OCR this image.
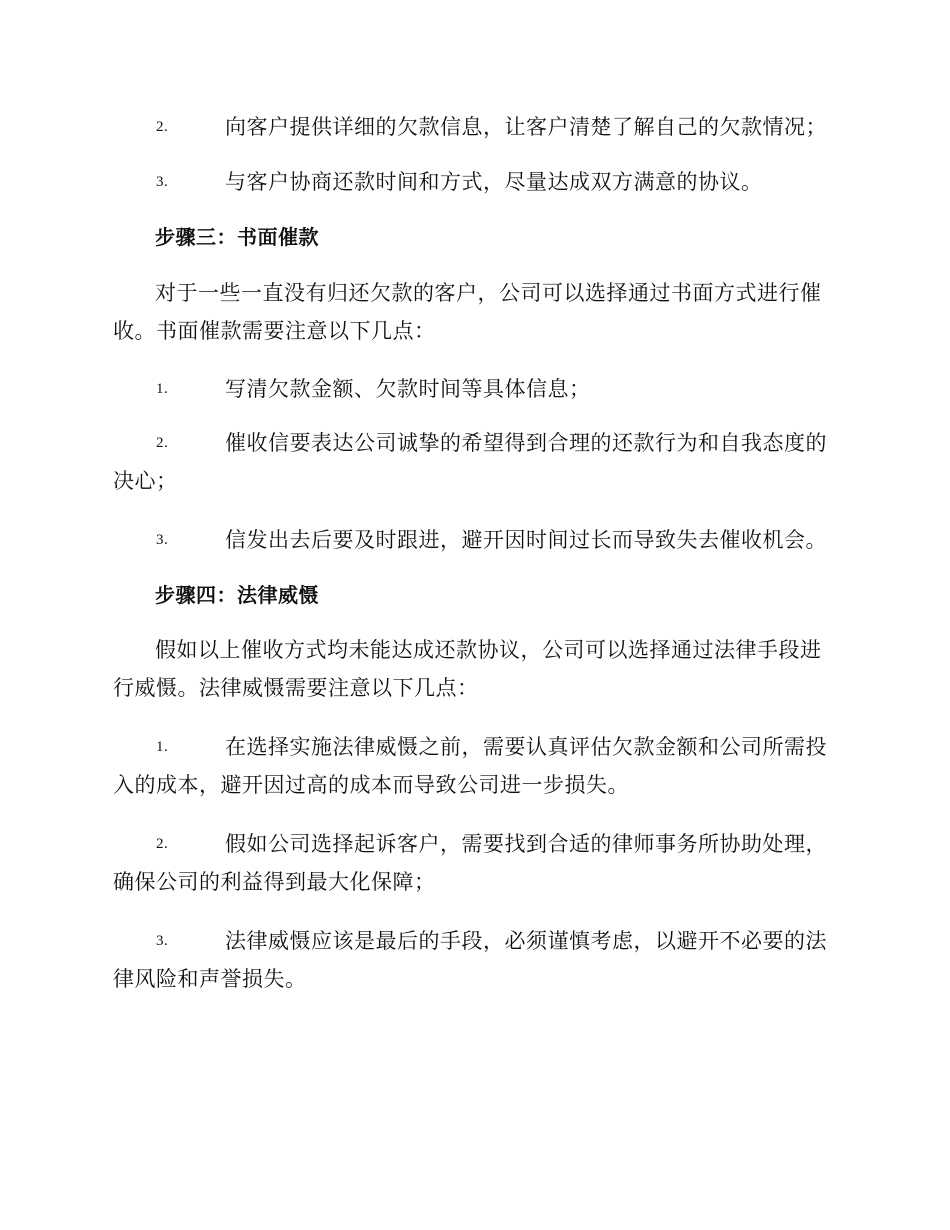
2.	向客户提供详细的欠款信息，让客户清楚了解自己的欠款情况；
3.	与客户协商还款时间和方式，尽量达成双方满意的协议。
步骤三：书面催款
对于一些一直没有归还欠款的客户，公司可以选择通过书面方式进行催收。书面催款需要注意以下几点：
1.	写清欠款金额、欠款时间等具体信息；
2.	催收信要表达公司诚挚的希望得到合理的还款行为和自我态度的决心；
3.	信发出去后要及时跟进，避开因时间过长而导致失去催收机会。
步骤四：法律威慑
假如以上催收方式均未能达成还款协议，公司可以选择通过法律手段进行威慑。法律威慑需要注意以下几点：
1.	在选择实施法律威慑之前，需要认真评估欠款金额和公司所需投入的成本，避开因过高的成本而导致公司进一步损失。
2.	假如公司选择起诉客户，需要找到合适的律师事务所协助处理，确保公司的利益得到最大化保障；
3.	法律威慑应该是最后的手段，必须谨慎考虑，以避开不必要的法律风险和声誉损失。
